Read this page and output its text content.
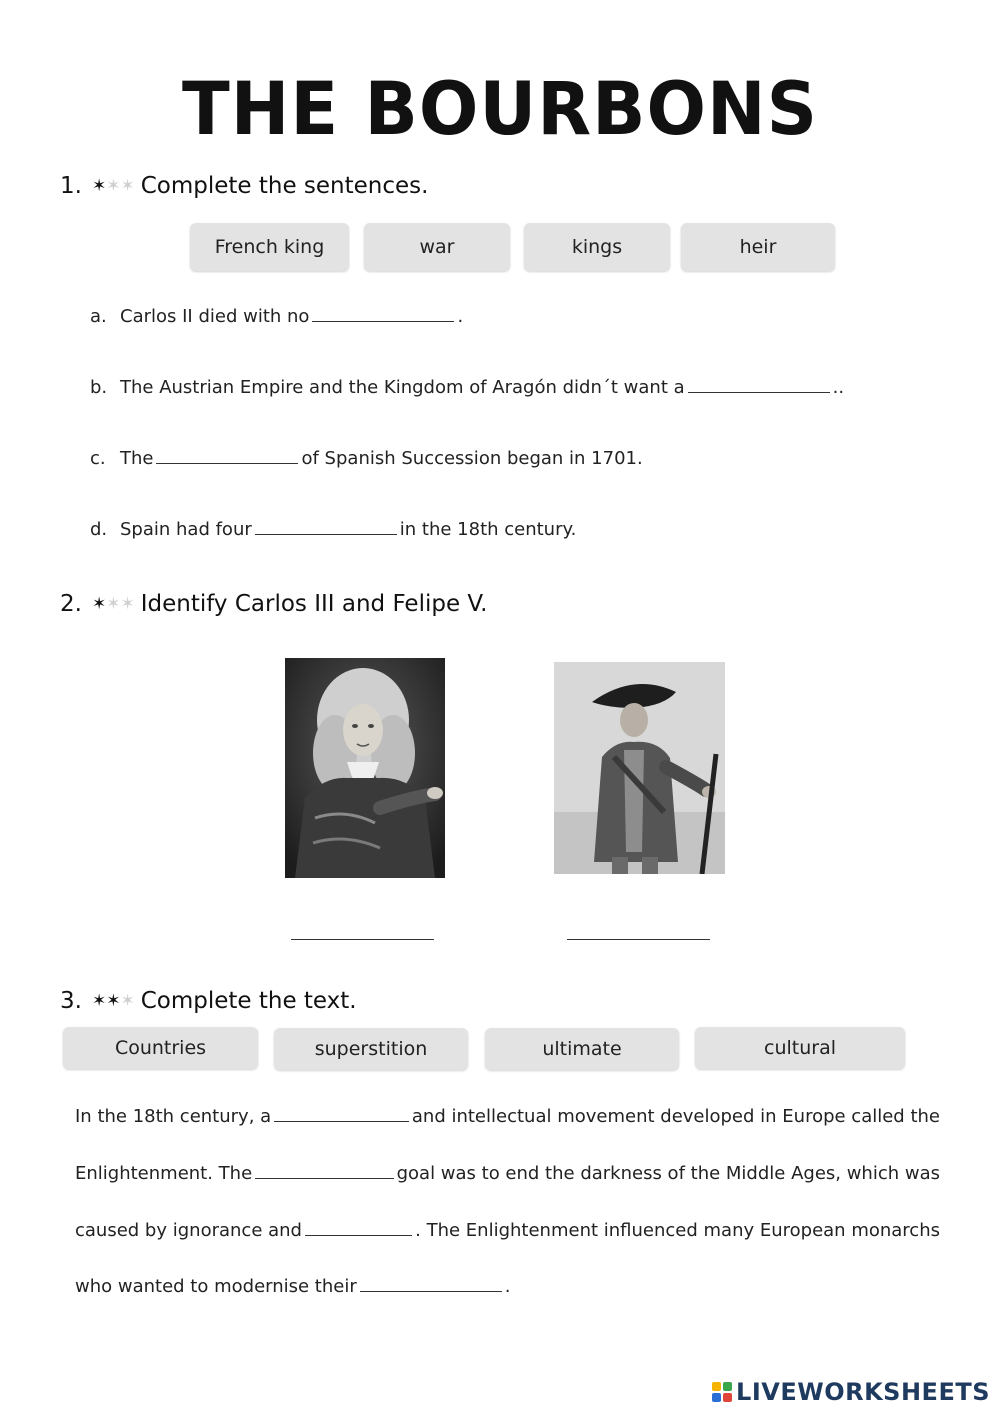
THE BOURBONS
1. ✶ ✶ ✶ Complete the sentences.
French king	war	kings	heir
a. Carlos II died with no	.
b. The Austrian Empire and the Kingdom of Aragón didn´t want a	..
c. The	of Spanish Succession began in 1701.
d. Spain had four	in the 18th century.
2. ✶ ✶ ✶ Identify Carlos III and Felipe V.
3. ✶ ✶ ✶ Complete the text.
Countries	superstition	ultimate	cultural
In the 18th century, a	and intellectual movement developed in Europe called the
Enlightenment. The	goal was to end the darkness of the Middle Ages, which was
caused by ignorance and	. The Enlightenment influenced many European monarchs
who wanted to modernise their	.
LIVEWORKSHEETS
